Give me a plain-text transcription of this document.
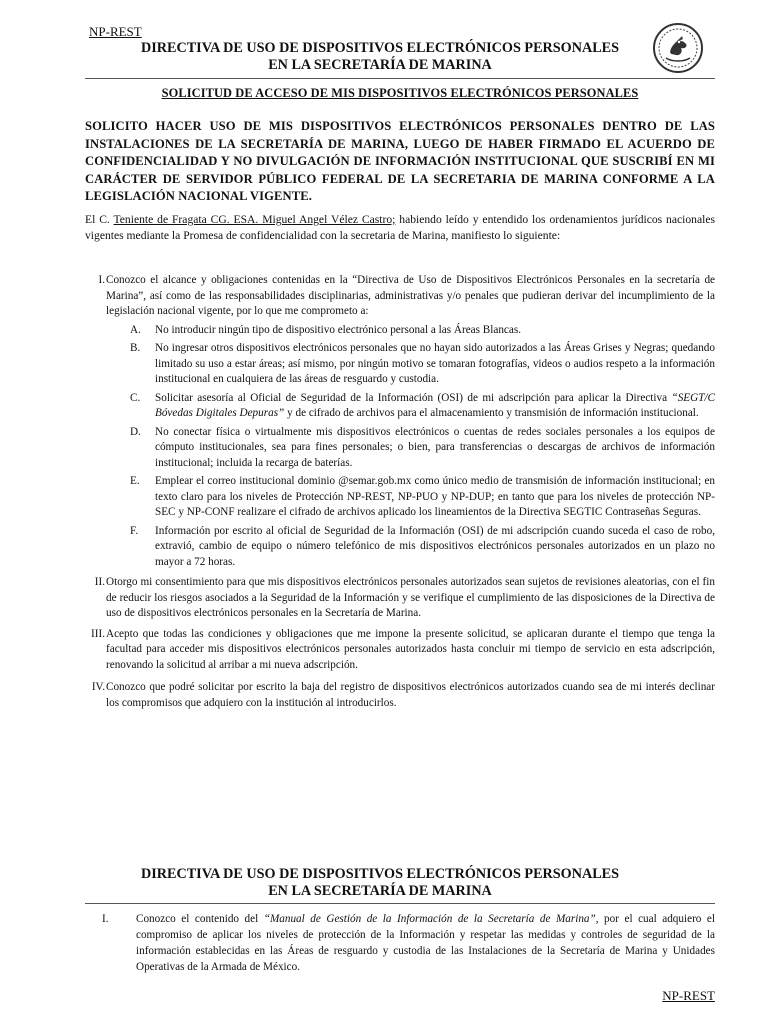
NP-REST
DIRECTIVA DE USO DE DISPOSITIVOS ELECTRÓNICOS PERSONALES
EN LA SECRETARÍA DE MARINA
SOLICITUD DE ACCESO DE MIS DISPOSITIVOS ELECTRÓNICOS PERSONALES
SOLICITO HACER USO DE MIS DISPOSITIVOS ELECTRÓNICOS PERSONALES DENTRO DE LAS INSTALACIONES DE LA SECRETARÍA DE MARINA, LUEGO DE HABER FIRMADO EL ACUERDO DE CONFIDENCIALIDAD Y NO DIVULGACIÓN DE INFORMACIÓN INSTITUCIONAL QUE SUSCRIBÍ EN MI CARÁCTER DE SERVIDOR PÚBLICO FEDERAL DE LA SECRETARIA DE MARINA CONFORME A LA LEGISLACIÓN NACIONAL VIGENTE.
El C. Teniente de Fragata CG. ESA. Miguel Angel Vélez Castro; habiendo leído y entendido los ordenamientos jurídicos nacionales vigentes mediante la Promesa de confidencialidad con la secretaria de Marina, manifiesto lo siguiente:
I. Conozco el alcance y obligaciones contenidas en la “Directiva de Uso de Dispositivos Electrónicos Personales en la secretaría de Marina”, así como de las responsabilidades disciplinarias, administrativas y/o penales que pudieran derivar del incumplimiento de la legislación nacional vigente, por lo que me comprometo a:
A. No introducir ningún tipo de dispositivo electrónico personal a las Áreas Blancas.
B. No ingresar otros dispositivos electrónicos personales que no hayan sido autorizados a las Áreas Grises y Negras; quedando limitado su uso a estar áreas; así mismo, por ningún motivo se tomaran fotografías, videos o audios respeto a la información institucional en cualquiera de las áreas de resguardo y custodia.
C. Solicitar asesoría al Oficial de Seguridad de la Información (OSI) de mi adscripción para aplicar la Directiva “SEGT/C Bóvedas Digitales Depuras” y de cifrado de archivos para el almacenamiento y transmisión de información institucional.
D. No conectar física o virtualmente mis dispositivos electrónicos o cuentas de redes sociales personales a los equipos de cómputo institucionales, sea para fines personales; o bien, para transferencias o descargas de archivos de información institucional; incluida la recarga de baterías.
E. Emplear el correo institucional dominio @semar.gob.mx como único medio de transmisión de información institucional; en texto claro para los niveles de Protección NP-REST, NP-PUO y NP-DUP; en tanto que para los niveles de protección NP-SEC y NP-CONF realizare el cifrado de archivos aplicado los lineamientos de la Directiva SEGTIC Contraseñas Seguras.
F. Información por escrito al oficial de Seguridad de la Información (OSI) de mi adscripción cuando suceda el caso de robo, extravió, cambio de equipo o número telefónico de mis dispositivos electrónicos personales autorizados en un plazo no mayor a 72 horas.
II. Otorgo mi consentimiento para que mis dispositivos electrónicos personales autorizados sean sujetos de revisiones aleatorias, con el fin de reducir los riesgos asociados a la Seguridad de la Información y se verifique el cumplimiento de las disposiciones de la Directiva de uso de dispositivos electrónicos personales en la Secretaría de Marina.
III. Acepto que todas las condiciones y obligaciones que me impone la presente solicitud, se aplicaran durante el tiempo que tenga la facultad para acceder mis dispositivos electrónicos personales autorizados hasta concluir mi tiempo de servicio en esta adscripción, renovando la solicitud al arribar a mi nueva adscripción.
IV. Conozco que podré solicitar por escrito la baja del registro de dispositivos electrónicos autorizados cuando sea de mi interés declinar los compromisos que adquiero con la institución al introducirlos.
DIRECTIVA DE USO DE DISPOSITIVOS ELECTRÓNICOS PERSONALES
EN LA SECRETARÍA DE MARINA
I.	Conozco el contenido del “Manual de Gestión de la Información de la Secretaría de Marina”, por el cual adquiero el compromiso de aplicar los niveles de protección de la Información y respetar las medidas y controles de seguridad de la información establecidas en las Áreas de resguardo y custodia de las Instalaciones de la Secretaría de Marina y Unidades Operativas de la Armada de México.
NP-REST
